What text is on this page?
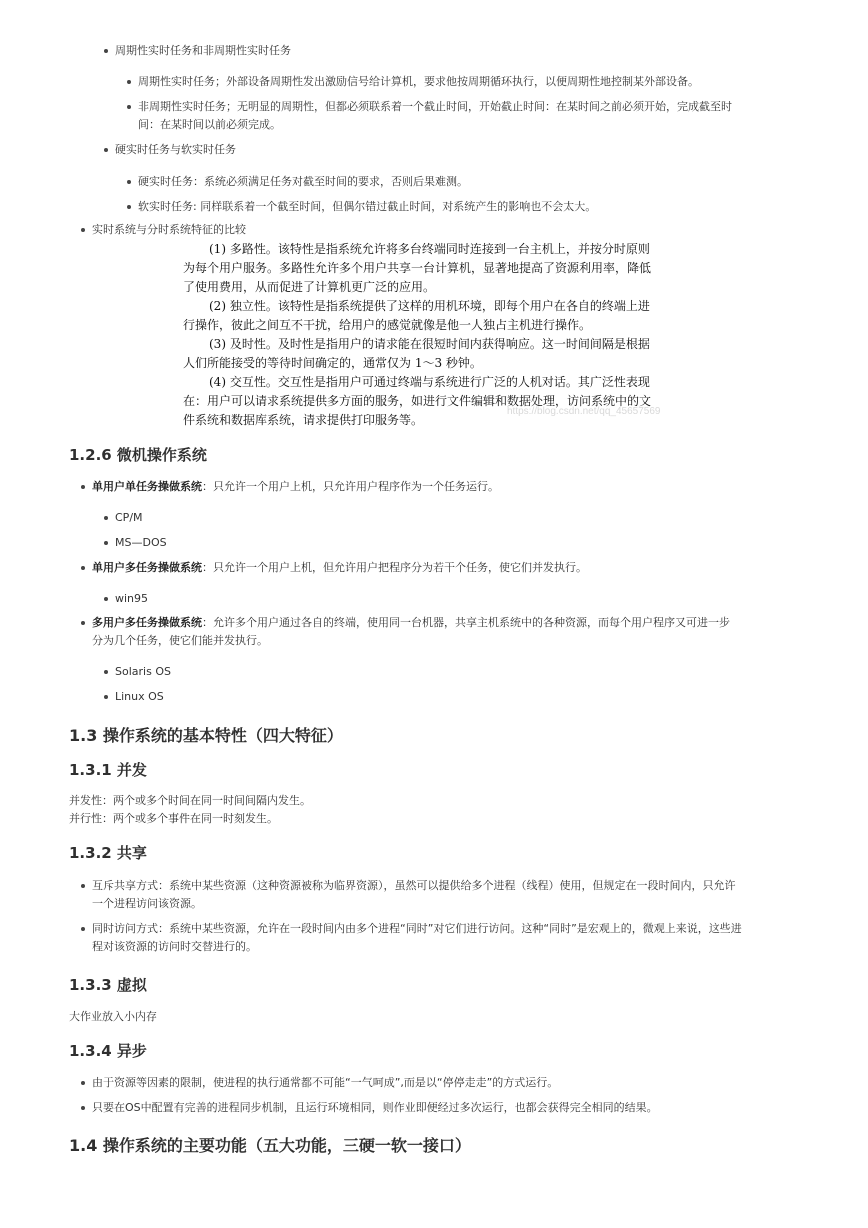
周期性实时任务和非周期性实时任务
周期性实时任务；外部设备周期性发出激励信号给计算机，要求他按周期循环执行，以便周期性地控制某外部设备。
非周期性实时任务；无明显的周期性，但都必须联系着一个截止时间，开始截止时间：在某时间之前必须开始，完成截至时
间：在某时间以前必须完成。
硬实时任务与软实时任务
硬实时任务：系统必须满足任务对截至时间的要求，否则后果难测。
软实时任务: 同样联系着一个截至时间，但偶尔错过截止时间，对系统产生的影响也不会太大。
实时系统与分时系统特征的比较
(1) 多路性。该特性是指系统允许将多台终端同时连接到一台主机上，并按分时原则
为每个用户服务。多路性允许多个用户共享一台计算机，显著地提高了资源利用率，降低
了使用费用，从而促进了计算机更广泛的应用。
(2) 独立性。该特性是指系统提供了这样的用机环境，即每个用户在各自的终端上进
行操作，彼此之间互不干扰，给用户的感觉就像是他一人独占主机进行操作。
(3) 及时性。及时性是指用户的请求能在很短时间内获得响应。这一时间间隔是根据
人们所能接受的等待时间确定的，通常仅为 1～3 秒钟。
(4) 交互性。交互性是指用户可通过终端与系统进行广泛的人机对话。其广泛性表现
在：用户可以请求系统提供多方面的服务，如进行文件编辑和数据处理，访问系统中的文
件系统和数据库系统，请求提供打印服务等。
https://blog.csdn.net/qq_45657569
1.2.6 微机操作系统
单用户单任务操做系统：只允许一个用户上机，只允许用户程序作为一个任务运行。
CP/M
MS—DOS
单用户多任务操做系统：只允许一个用户上机，但允许用户把程序分为若干个任务，使它们并发执行。
win95
多用户多任务操做系统：允许多个用户通过各自的终端，使用同一台机器，共享主机系统中的各种资源，而每个用户程序又可进一步
分为几个任务，使它们能并发执行。
Solaris OS
Linux OS
1.3 操作系统的基本特性（四大特征）
1.3.1 并发
并发性：两个或多个时间在同一时间间隔内发生。
并行性：两个或多个事件在同一时刻发生。
1.3.2 共享
互斥共享方式：系统中某些资源（这种资源被称为临界资源），虽然可以提供给多个进程（线程）使用，但规定在一段时间内，只允许
一个进程访问该资源。
同时访问方式：系统中某些资源，允许在一段时间内由多个进程“同时”对它们进行访问。这种“同时”是宏观上的，微观上来说，这些进
程对该资源的访问时交替进行的。
1.3.3 虚拟
大作业放入小内存
1.3.4 异步
由于资源等因素的限制，使进程的执行通常都不可能“一气呵成”,而是以“停停走走”的方式运行。
只要在OS中配置有完善的进程同步机制，且运行环境相同，则作业即便经过多次运行，也都会获得完全相同的结果。
1.4 操作系统的主要功能（五大功能，三硬一软一接口）
